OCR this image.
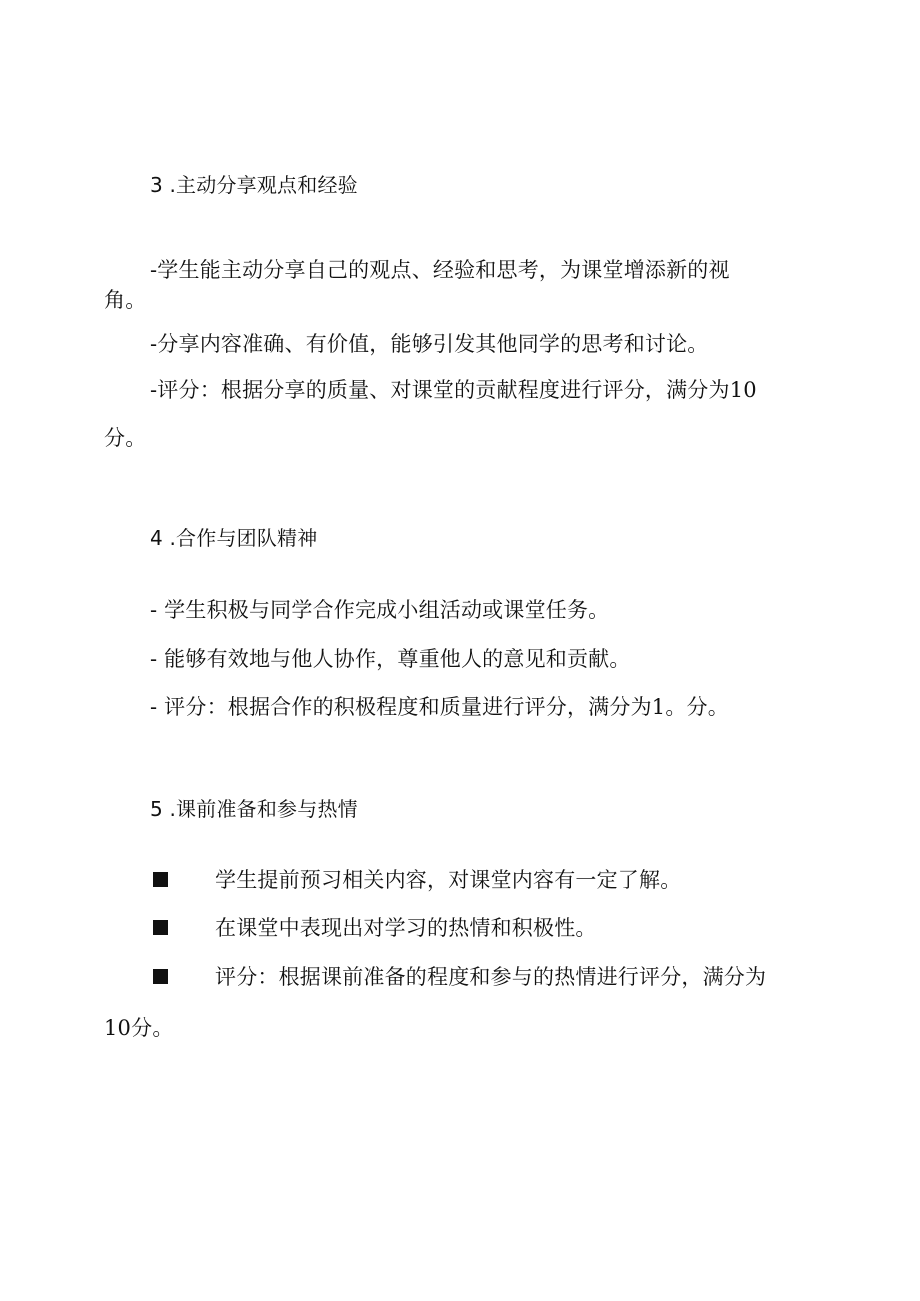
3 .主动分享观点和经验
-学生能主动分享自己的观点、经验和思考，为课堂增添新的视
角。
-分享内容准确、有价值，能够引发其他同学的思考和讨论。
-评分：根据分享的质量、对课堂的贡献程度进行评分，满分为10
分。
4 .合作与团队精神
- 学生积极与同学合作完成小组活动或课堂任务。
- 能够有效地与他人协作，尊重他人的意见和贡献。
- 评分：根据合作的积极程度和质量进行评分，满分为1。分。
5 .课前准备和参与热情
学生提前预习相关内容，对课堂内容有一定了解。
在课堂中表现出对学习的热情和积极性。
评分：根据课前准备的程度和参与的热情进行评分，满分为
10分。
